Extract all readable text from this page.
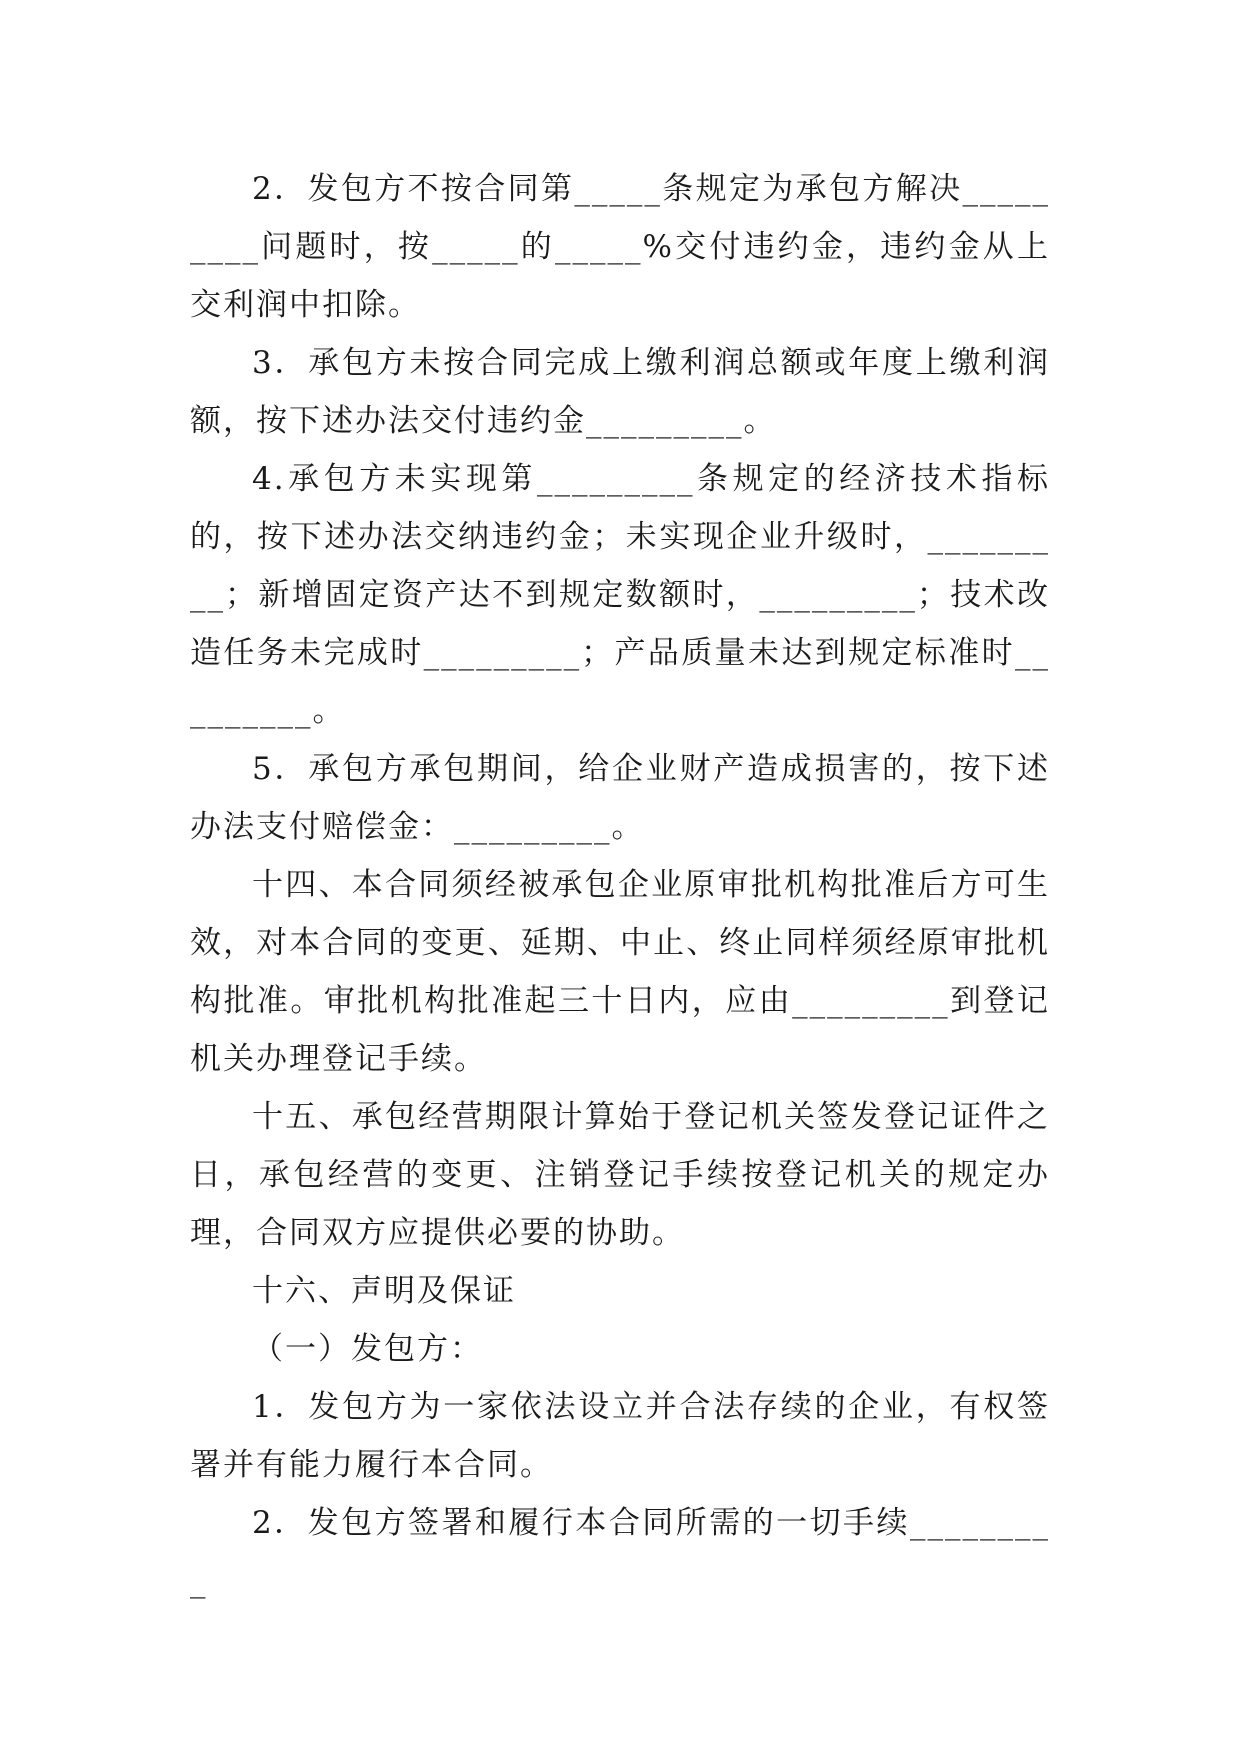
2．发包方不按合同第_____条规定为承包方解决_________问题时，按_____的_____%交付违约金，违约金从上交利润中扣除。

3．承包方未按合同完成上缴利润总额或年度上缴利润额，按下述办法交付违约金_________。

4.承包方未实现第_________条规定的经济技术指标的，按下述办法交纳违约金；未实现企业升级时，_________；新增固定资产达不到规定数额时，_________；技术改造任务未完成时_________；产品质量未达到规定标准时_________。

5．承包方承包期间，给企业财产造成损害的，按下述办法支付赔偿金：_________。

十四、本合同须经被承包企业原审批机构批准后方可生效，对本合同的变更、延期、中止、终止同样须经原审批机构批准。审批机构批准起三十日内，应由_________到登记机关办理登记手续。

十五、承包经营期限计算始于登记机关签发登记证件之日，承包经营的变更、注销登记手续按登记机关的规定办理，合同双方应提供必要的协助。

十六、声明及保证

（一）发包方：

1．发包方为一家依法设立并合法存续的企业，有权签署并有能力履行本合同。

2．发包方签署和履行本合同所需的一切手续_________
